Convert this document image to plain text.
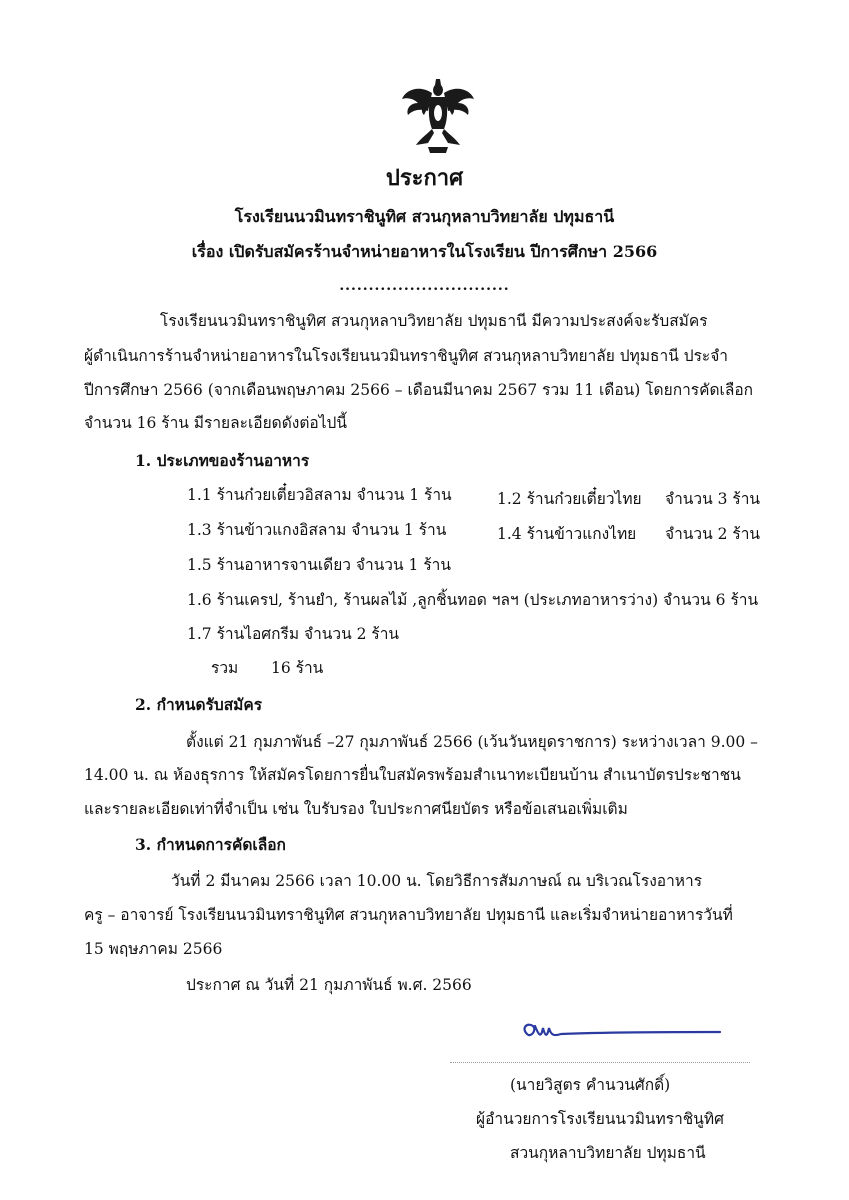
ประกาศ
โรงเรียนนวมินทราชินูทิศ สวนกุหลาบวิทยาลัย ปทุมธานี
เรื่อง เปิดรับสมัครร้านจำหน่ายอาหารในโรงเรียน ปีการศึกษา 2566
.............................
โรงเรียนนวมินทราชินูทิศ สวนกุหลาบวิทยาลัย ปทุมธานี มีความประสงค์จะรับสมัคร
ผู้ดำเนินการร้านจำหน่ายอาหารในโรงเรียนนวมินทราชินูทิศ สวนกุหลาบวิทยาลัย ปทุมธานี ประจำ
ปีการศึกษา 2566 (จากเดือนพฤษภาคม 2566 – เดือนมีนาคม 2567 รวม 11 เดือน) โดยการคัดเลือก
จำนวน 16 ร้าน มีรายละเอียดดังต่อไปนี้
1. ประเภทของร้านอาหาร
1.1 ร้านก๋วยเตี๋ยวอิสลาม จำนวน 1 ร้าน	1.2 ร้านก๋วยเตี๋ยวไทย จำนวน 3 ร้าน
1.3 ร้านข้าวแกงอิสลาม จำนวน 1 ร้าน	1.4 ร้านข้าวแกงไทย จำนวน 2 ร้าน
1.5 ร้านอาหารจานเดียว จำนวน 1 ร้าน
1.6 ร้านเครป, ร้านยำ, ร้านผลไม้ ,ลูกชิ้นทอด ฯลฯ (ประเภทอาหารว่าง) จำนวน 6 ร้าน
1.7 ร้านไอศกรีม จำนวน 2 ร้าน
รวม 16 ร้าน
2. กำหนดรับสมัคร
ตั้งแต่ 21 กุมภาพันธ์ –27 กุมภาพันธ์ 2566 (เว้นวันหยุดราชการ) ระหว่างเวลา 9.00 –
14.00 น. ณ ห้องธุรการ ให้สมัครโดยการยื่นใบสมัครพร้อมสำเนาทะเบียนบ้าน สำเนาบัตรประชาชน
และรายละเอียดเท่าที่จำเป็น เช่น ใบรับรอง ใบประกาศนียบัตร หรือข้อเสนอเพิ่มเติม
3. กำหนดการคัดเลือก
วันที่ 2 มีนาคม 2566 เวลา 10.00 น. โดยวิธีการสัมภาษณ์ ณ บริเวณโรงอาหาร
ครู – อาจารย์ โรงเรียนนวมินทราชินูทิศ สวนกุหลาบวิทยาลัย ปทุมธานี และเริ่มจำหน่ายอาหารวันที่
15 พฤษภาคม 2566
ประกาศ ณ วันที่ 21 กุมภาพันธ์ พ.ศ. 2566
(นายวิสูตร คำนวนศักดิ์)
ผู้อำนวยการโรงเรียนนวมินทราชินูทิศ
สวนกุหลาบวิทยาลัย ปทุมธานี
